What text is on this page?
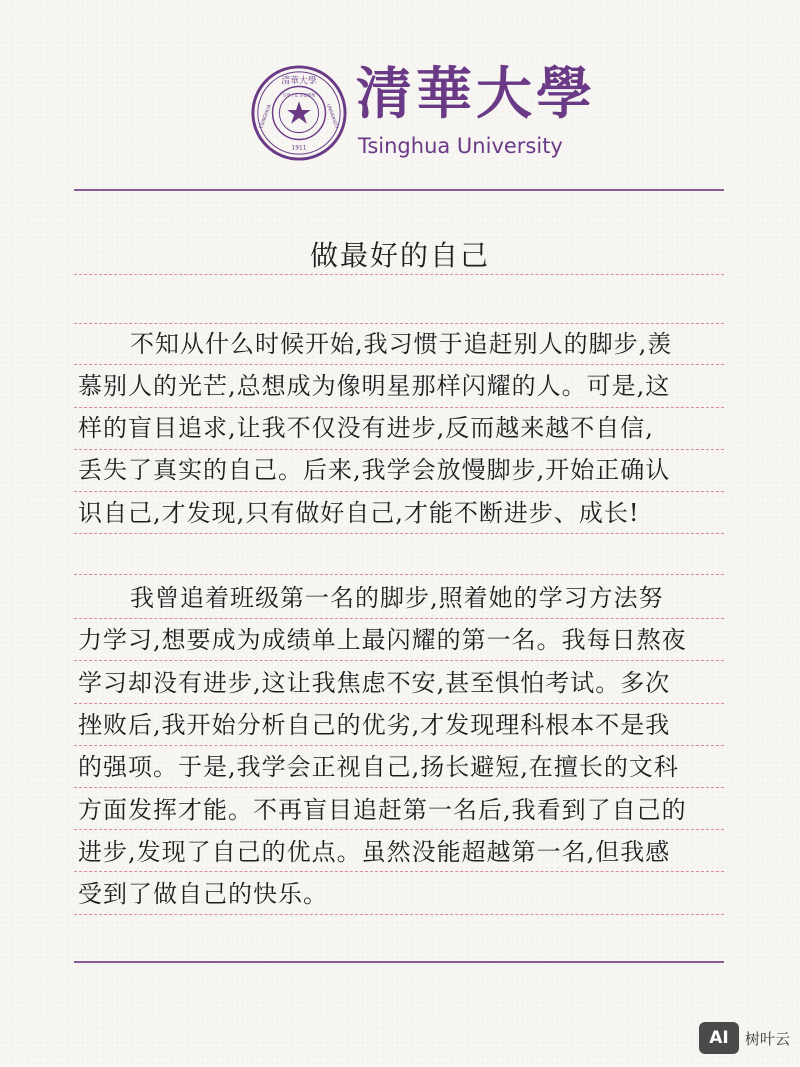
清華大學
TSINGHUA	UNIVERSITY
自强不息 厚德载物
1911
清華大學
Tsinghua University
做最好的自己
不知从什么时候开始,我习惯于追赶别人的脚步,羡
慕别人的光芒,总想成为像明星那样闪耀的人。可是,这
样的盲目追求,让我不仅没有进步,反而越来越不自信,
丢失了真实的自己。后来,我学会放慢脚步,开始正确认
识自己,才发现,只有做好自己,才能不断进步、成长!
我曾追着班级第一名的脚步,照着她的学习方法努
力学习,想要成为成绩单上最闪耀的第一名。我每日熬夜
学习却没有进步,这让我焦虑不安,甚至惧怕考试。多次
挫败后,我开始分析自己的优劣,才发现理科根本不是我
的强项。于是,我学会正视自己,扬长避短,在擅长的文科
方面发挥才能。不再盲目追赶第一名后,我看到了自己的
进步,发现了自己的优点。虽然没能超越第一名,但我感
受到了做自己的快乐。
AI	树叶云
